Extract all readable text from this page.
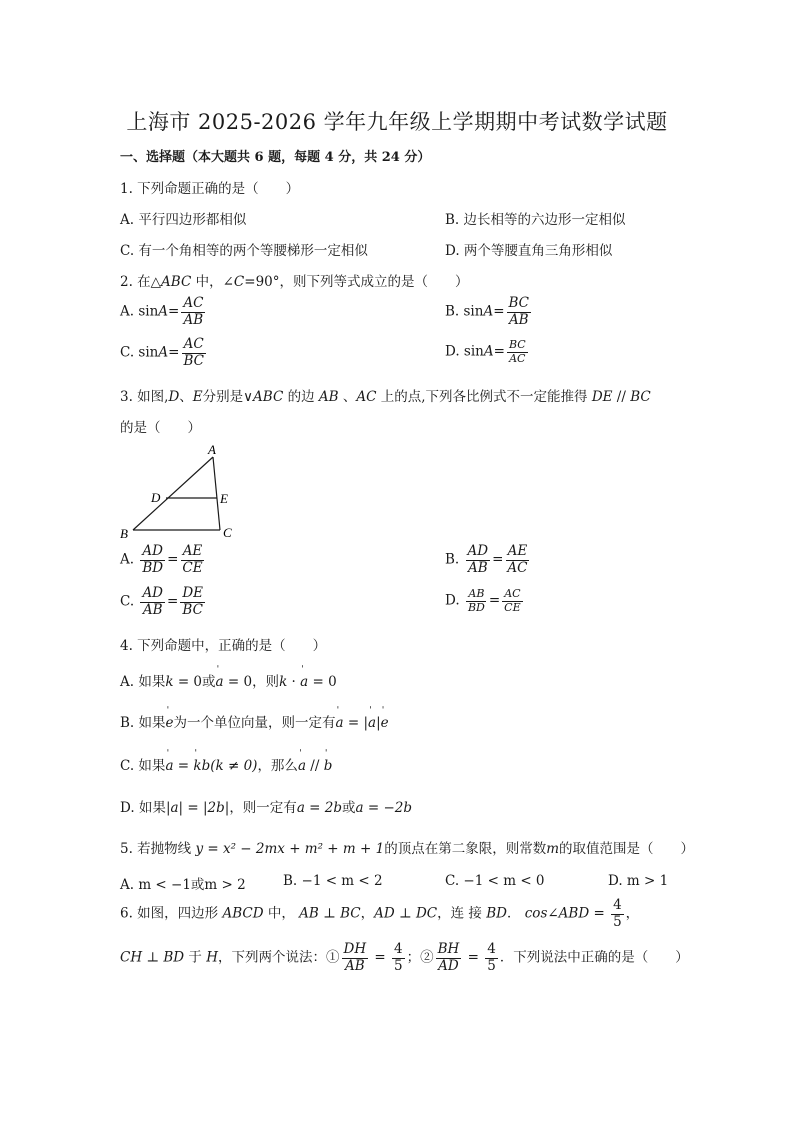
上海市 2025-2026 学年九年级上学期期中考试数学试题
一、选择题（本大题共 6 题，每题 4 分，共 24 分）
1. 下列命题正确的是（　　）
A. 平行四边形都相似	B. 边长相等的六边形一定相似
C. 有一个角相等的两个等腰梯形一定相似	D. 两个等腰直角三角形相似
2. 在△ABC 中，∠C=90°，则下列等式成立的是（　　）
A. $\sin A= \frac{AC}{AB}$	B. $\sin A= \frac{BC}{AB}$
C. $\sin A= \frac{AC}{BC}$	D. $\sin A= \frac{BC}{AC}$
3. 如图,D、E分别是∨ABC 的边 AB 、AC 上的点,下列各比例式不一定能推得 DE // BC
的是（　　）
A
B	C
D	E
A. $\frac{AD}{BD} = \frac{AE}{CE}$	B. $\frac{AD}{AB} = \frac{AE}{AC}$
C. $\frac{AD}{AB} = \frac{DE}{BC}$	D. $\frac{AB}{BD} = \frac{AC}{CE}$
4. 下列命题中，正确的是（　　）
A. 如果k = 0或ˈ a = 0，则k · ˈ a = 0
B. 如果ˈ e为一个单位向量，则一定有ˈ a = |ˈ a|ˈ e
C. 如果ˈ a = ˈ kb(k ≠ 0)，那么ˈ a // ˈ b
D. 如果|a| = |2b|，则一定有a = 2b或a = −2b
5. 若抛物线 y = x² − 2mx + m² + m + 1的顶点在第二象限，则常数m的取值范围是（　　）
A. m < −1或m > 2	B. −1 < m < 2	C. −1 < m < 0	D. m > 1
6. 如图，四边形 ABCD 中， AB ⊥ BC，AD ⊥ DC，连 接 BD． cos∠ABD = $\frac{4}{5}$ ，
CH ⊥ BD 于 H，下列两个说法：① $\frac{DH}{AB} = \frac{4}{5}$ ；② $\frac{BH}{AD} = \frac{4}{5}$ ．下列说法中正确的是（　　）
